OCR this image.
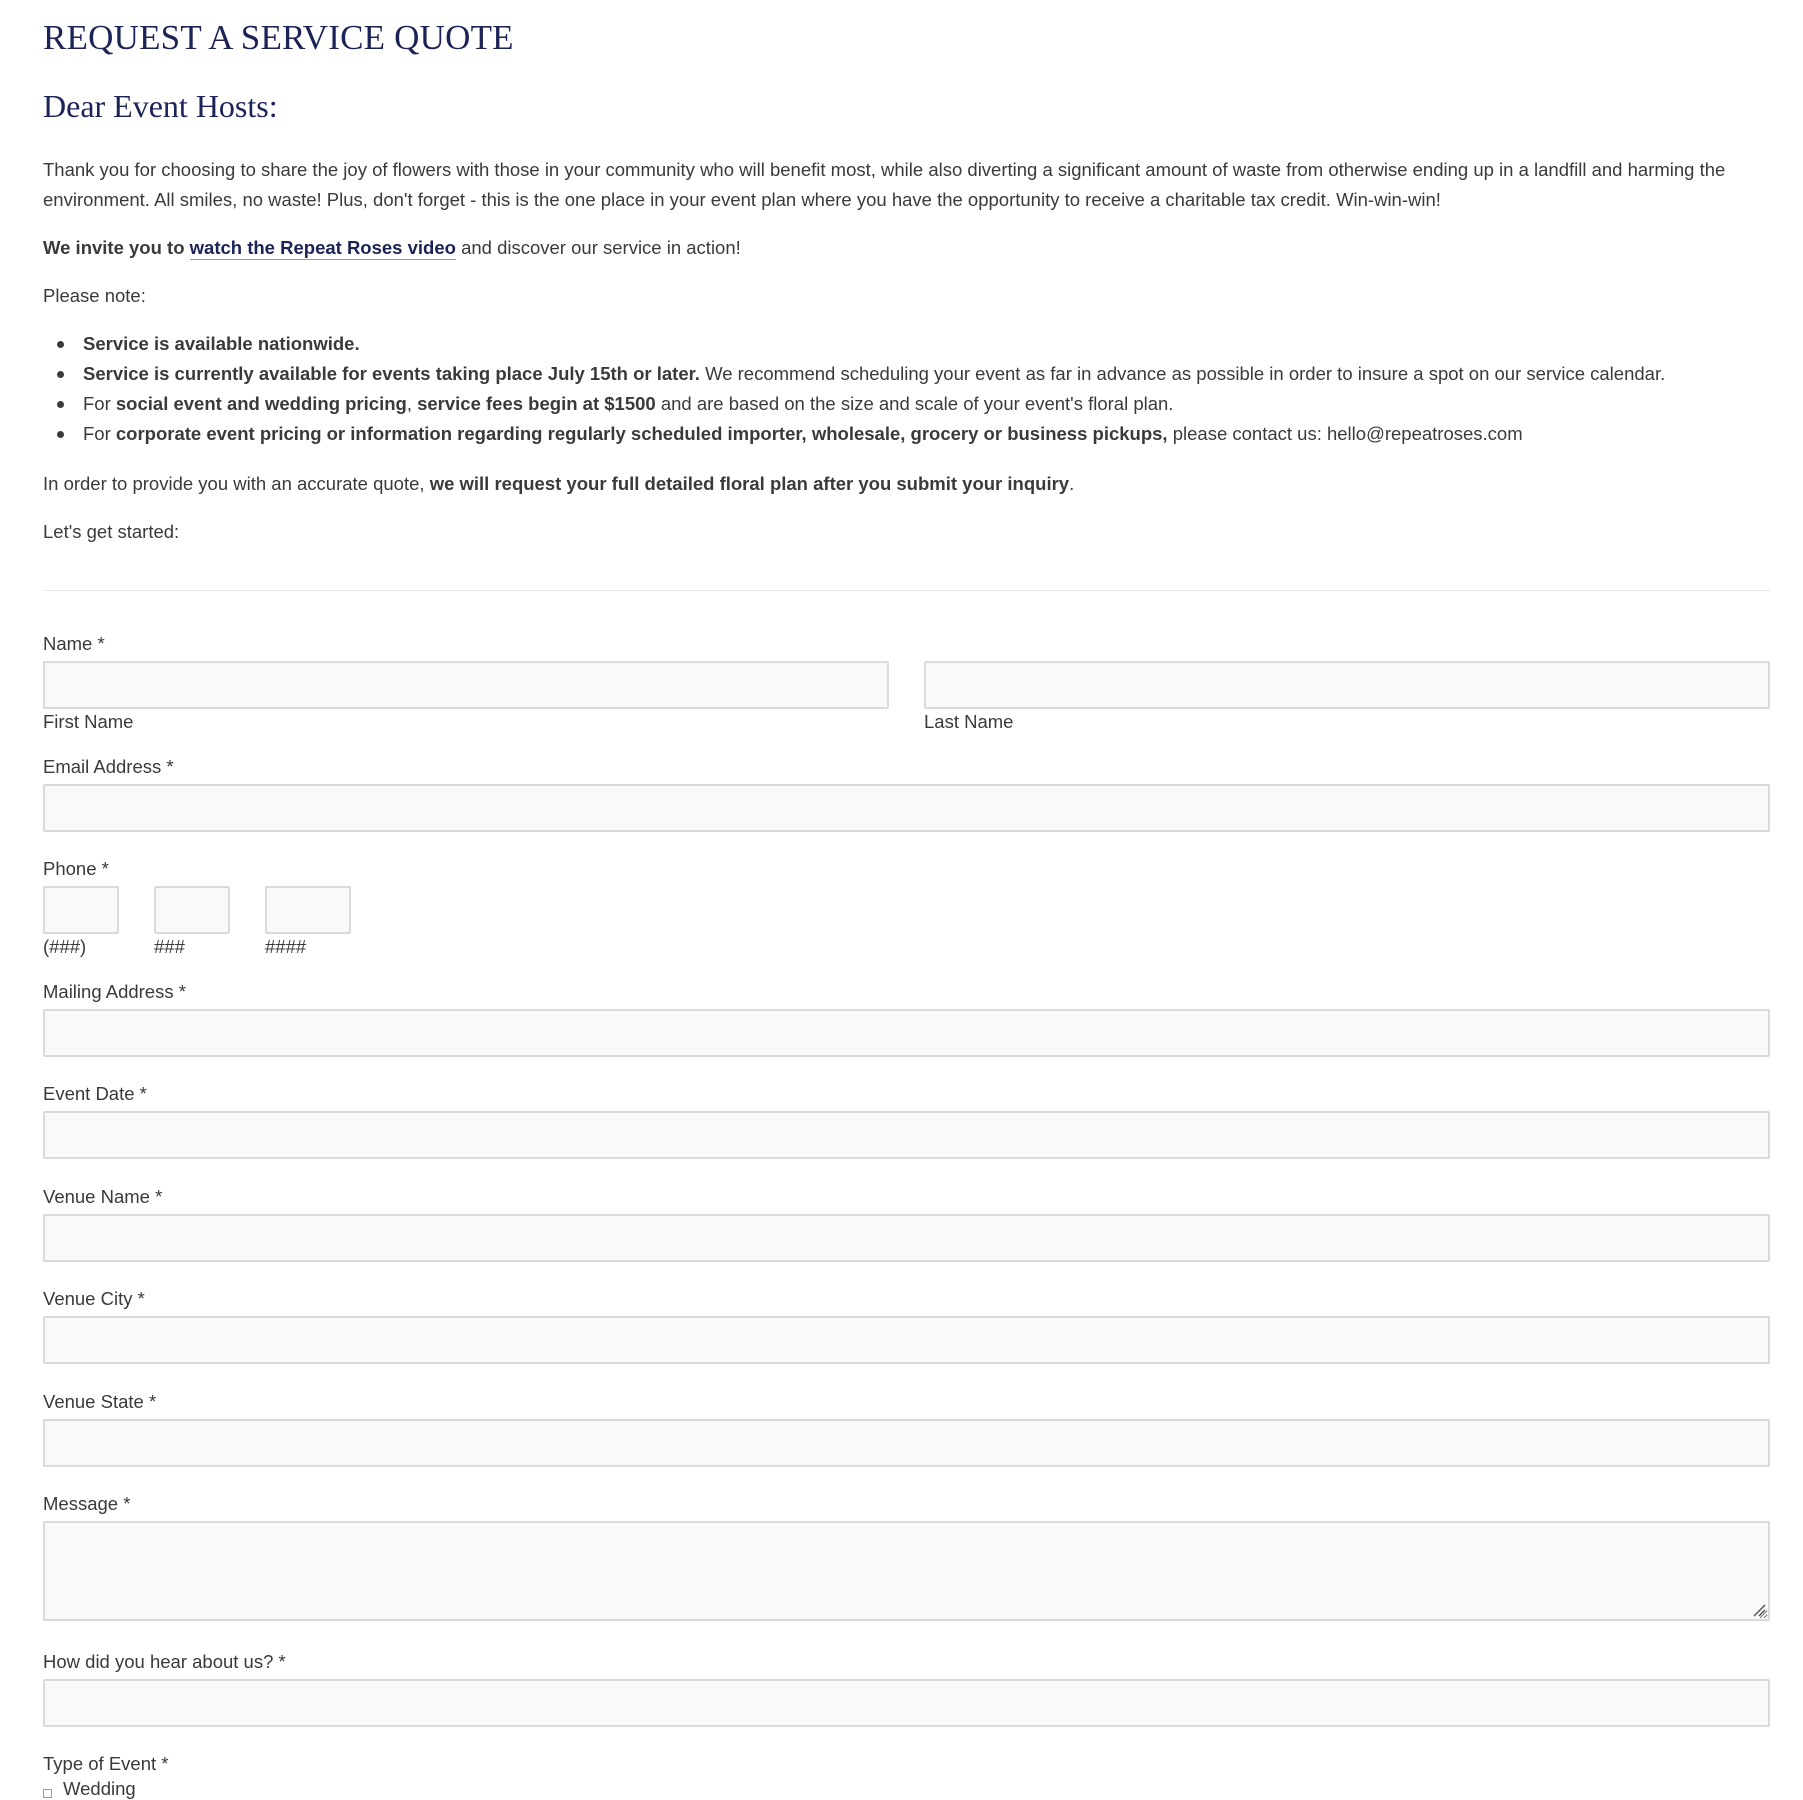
REQUEST A SERVICE QUOTE
Dear Event Hosts:

Thank you for choosing to share the joy of flowers with those in your community who will benefit most, while also diverting a significant amount of waste from otherwise ending up in a landfill and harming the environment. All smiles, no waste! Plus, don't forget - this is the one place in your event plan where you have the opportunity to receive a charitable tax credit. Win-win-win!

We invite you to watch the Repeat Roses video and discover our service in action!

Please note:

Service is available nationwide.
Service is currently available for events taking place July 15th or later. We recommend scheduling your event as far in advance as possible in order to insure a spot on our service calendar.
For social event and wedding pricing, service fees begin at $1500 and are based on the size and scale of your event's floral plan.
For corporate event pricing or information regarding regularly scheduled importer, wholesale, grocery or business pickups, please contact us: hello@repeatroses.com

In order to provide you with an accurate quote, we will request your full detailed floral plan after you submit your inquiry.

Let's get started:

Name *
First Name	Last Name
Email Address *
Phone *
(###)	###	####
Mailing Address *
Event Date *
Venue Name *
Venue City *
Venue State *
Message *
How did you hear about us? *
Type of Event *
Wedding
